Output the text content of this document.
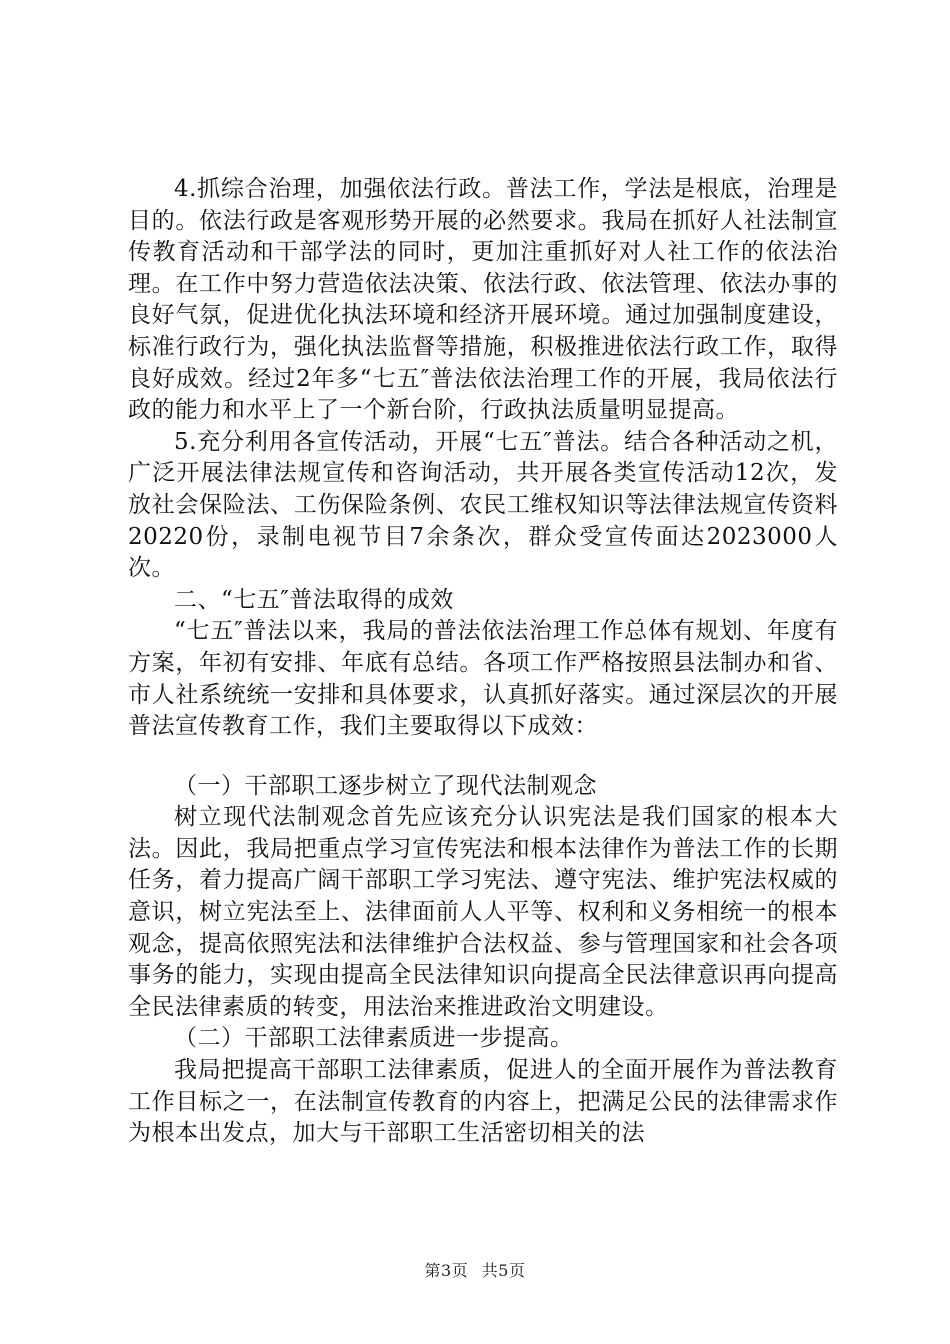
4.抓综合治理，加强依法行政。普法工作，学法是根底，治理是目的。依法行政是客观形势开展的必然要求。我局在抓好人社法制宣传教育活动和干部学法的同时，更加注重抓好对人社工作的依法治理。在工作中努力营造依法决策、依法行政、依法管理、依法办事的良好气氛，促进优化执法环境和经济开展环境。通过加强制度建设，标准行政行为，强化执法监督等措施，积极推进依法行政工作，取得良好成效。经过2年多“七五″普法依法治理工作的开展，我局依法行政的能力和水平上了一个新台阶，行政执法质量明显提高。

5.充分利用各宣传活动，开展“七五″普法。结合各种活动之机，广泛开展法律法规宣传和咨询活动，共开展各类宣传活动12次，发放社会保险法、工伤保险条例、农民工维权知识等法律法规宣传资料20220份，录制电视节目7余条次，群众受宣传面达2023000人次。

二、“七五″普法取得的成效

“七五″普法以来，我局的普法依法治理工作总体有规划、年度有方案，年初有安排、年底有总结。各项工作严格按照县法制办和省、市人社系统统一安排和具体要求，认真抓好落实。通过深层次的开展普法宣传教育工作，我们主要取得以下成效：

（一）干部职工逐步树立了现代法制观念

树立现代法制观念首先应该充分认识宪法是我们国家的根本大法。因此，我局把重点学习宣传宪法和根本法律作为普法工作的长期任务，着力提高广阔干部职工学习宪法、遵守宪法、维护宪法权威的意识，树立宪法至上、法律面前人人平等、权利和义务相统一的根本观念，提高依照宪法和法律维护合法权益、参与管理国家和社会各项事务的能力，实现由提高全民法律知识向提高全民法律意识再向提高全民法律素质的转变，用法治来推进政治文明建设。

（二）干部职工法律素质进一步提高。

我局把提高干部职工法律素质，促进人的全面开展作为普法教育工作目标之一，在法制宣传教育的内容上，把满足公民的法律需求作为根本出发点，加大与干部职工生活密切相关的法

第3页 共5页
